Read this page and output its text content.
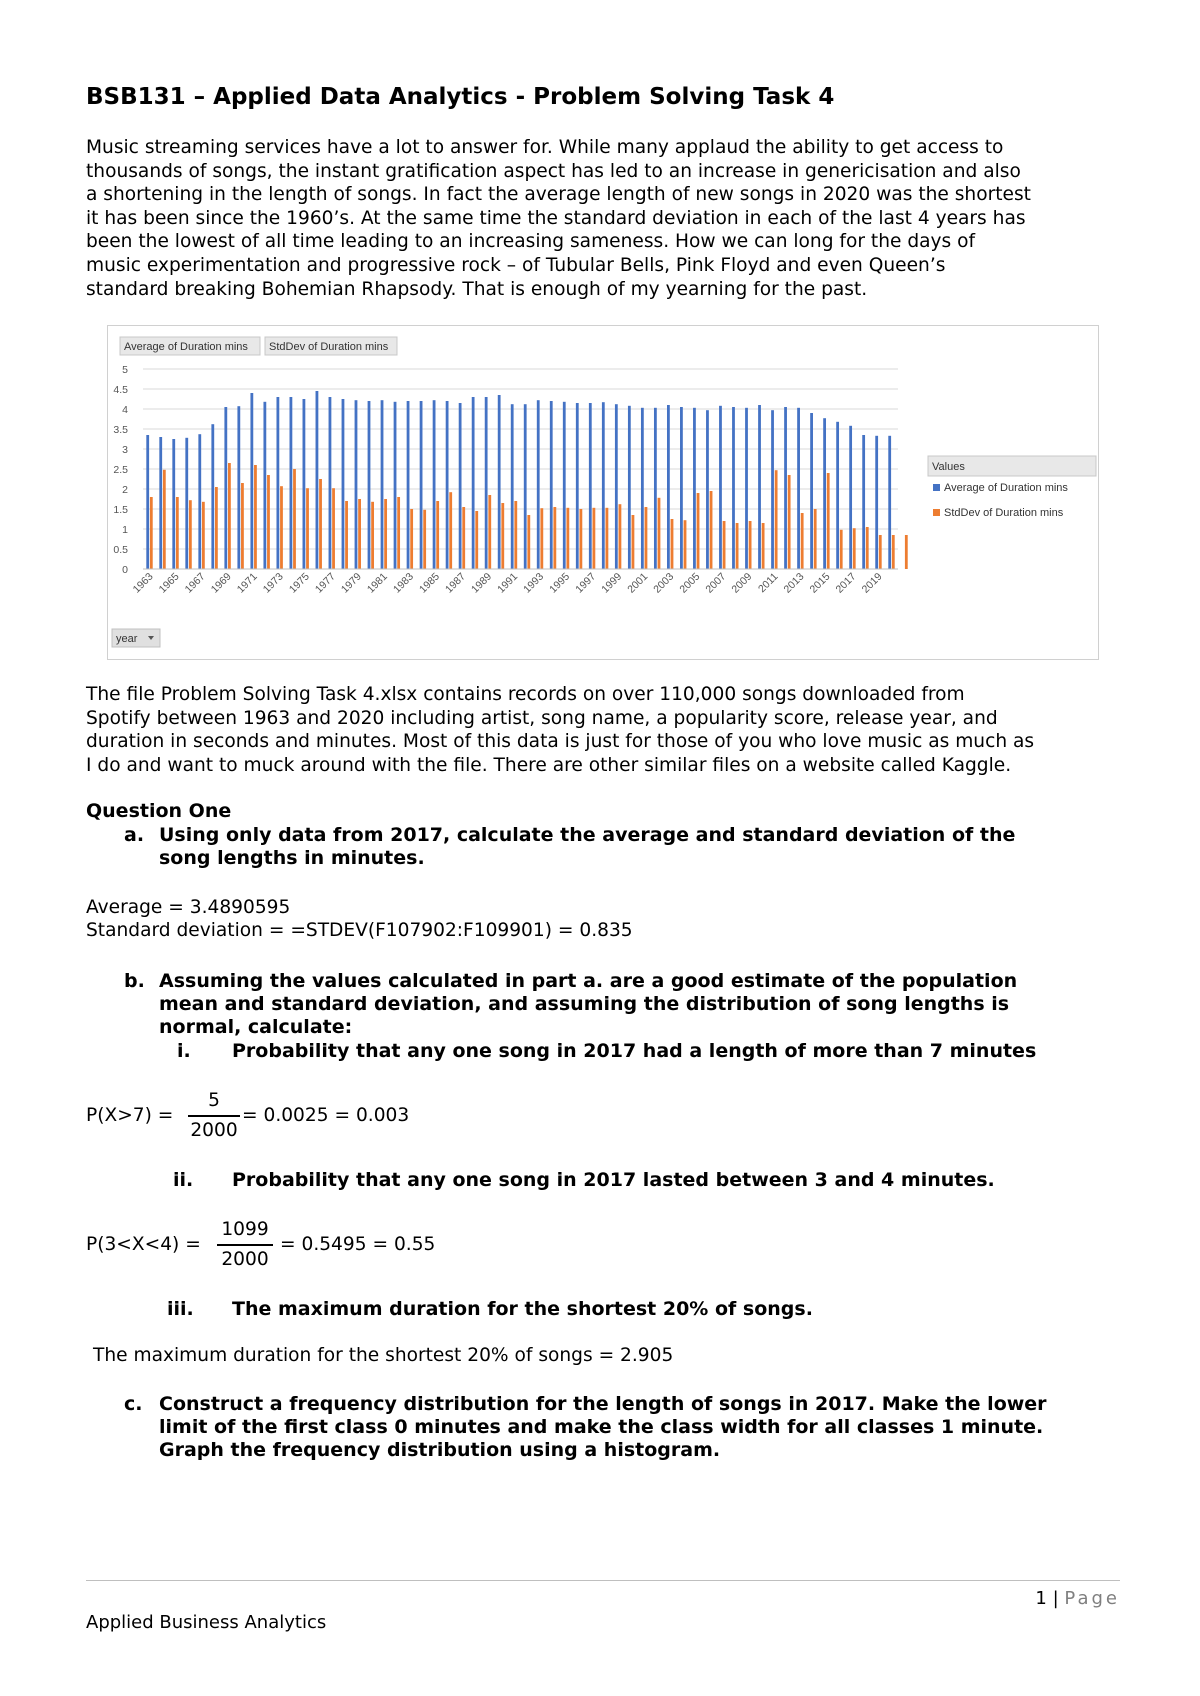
BSB131 – Applied Data Analytics - Problem Solving Task 4
Music streaming services have a lot to answer for. While many applaud the ability to get access to
thousands of songs, the instant gratification aspect has led to an increase in genericisation and also
a shortening in the length of songs. In fact the average length of new songs in 2020 was the shortest
it has been since the 1960’s. At the same time the standard deviation in each of the last 4 years has
been the lowest of all time leading to an increasing sameness. How we can long for the days of
music experimentation and progressive rock – of Tubular Bells, Pink Floyd and even Queen’s
standard breaking Bohemian Rhapsody. That is enough of my yearning for the past.
Average of Duration mins StdDev of Duration mins
0
0.5
1
1.5
2
2.5
3
3.5
4
4.5
5
1963 1965 1967 1969 1971 1973 1975 1977 1979 1981 1983 1985 1987 1989 1991 1993 1995 1997 1999 2001 2003 2005 2007 2009 2011 2013 2015 2017 2019
Values
Average of Duration mins
StdDev of Duration mins
year
The file Problem Solving Task 4.xlsx contains records on over 110,000 songs downloaded from
Spotify between 1963 and 2020 including artist, song name, a popularity score, release year, and
duration in seconds and minutes. Most of this data is just for those of you who love music as much as
I do and want to muck around with the file. There are other similar files on a website called Kaggle.
Question One
a. Using only data from 2017, calculate the average and standard deviation of the
song lengths in minutes.
Average = 3.4890595
Standard deviation = =STDEV(F107902:F109901) = 0.835
b. Assuming the values calculated in part a. are a good estimate of the population
mean and standard deviation, and assuming the distribution of song lengths is
normal, calculate:
i. Probability that any one song in 2017 had a length of more than 7 minutes
P(X>7) =
5
2000
= 0.0025 = 0.003
ii. Probability that any one song in 2017 lasted between 3 and 4 minutes.
P(3<X<4) =
1099
2000
= 0.5495 = 0.55
iii. The maximum duration for the shortest 20% of songs.
The maximum duration for the shortest 20% of songs = 2.905
c. Construct a frequency distribution for the length of songs in 2017. Make the lower
limit of the first class 0 minutes and make the class width for all classes 1 minute.
Graph the frequency distribution using a histogram.
1 | Page
Applied Business Analytics
